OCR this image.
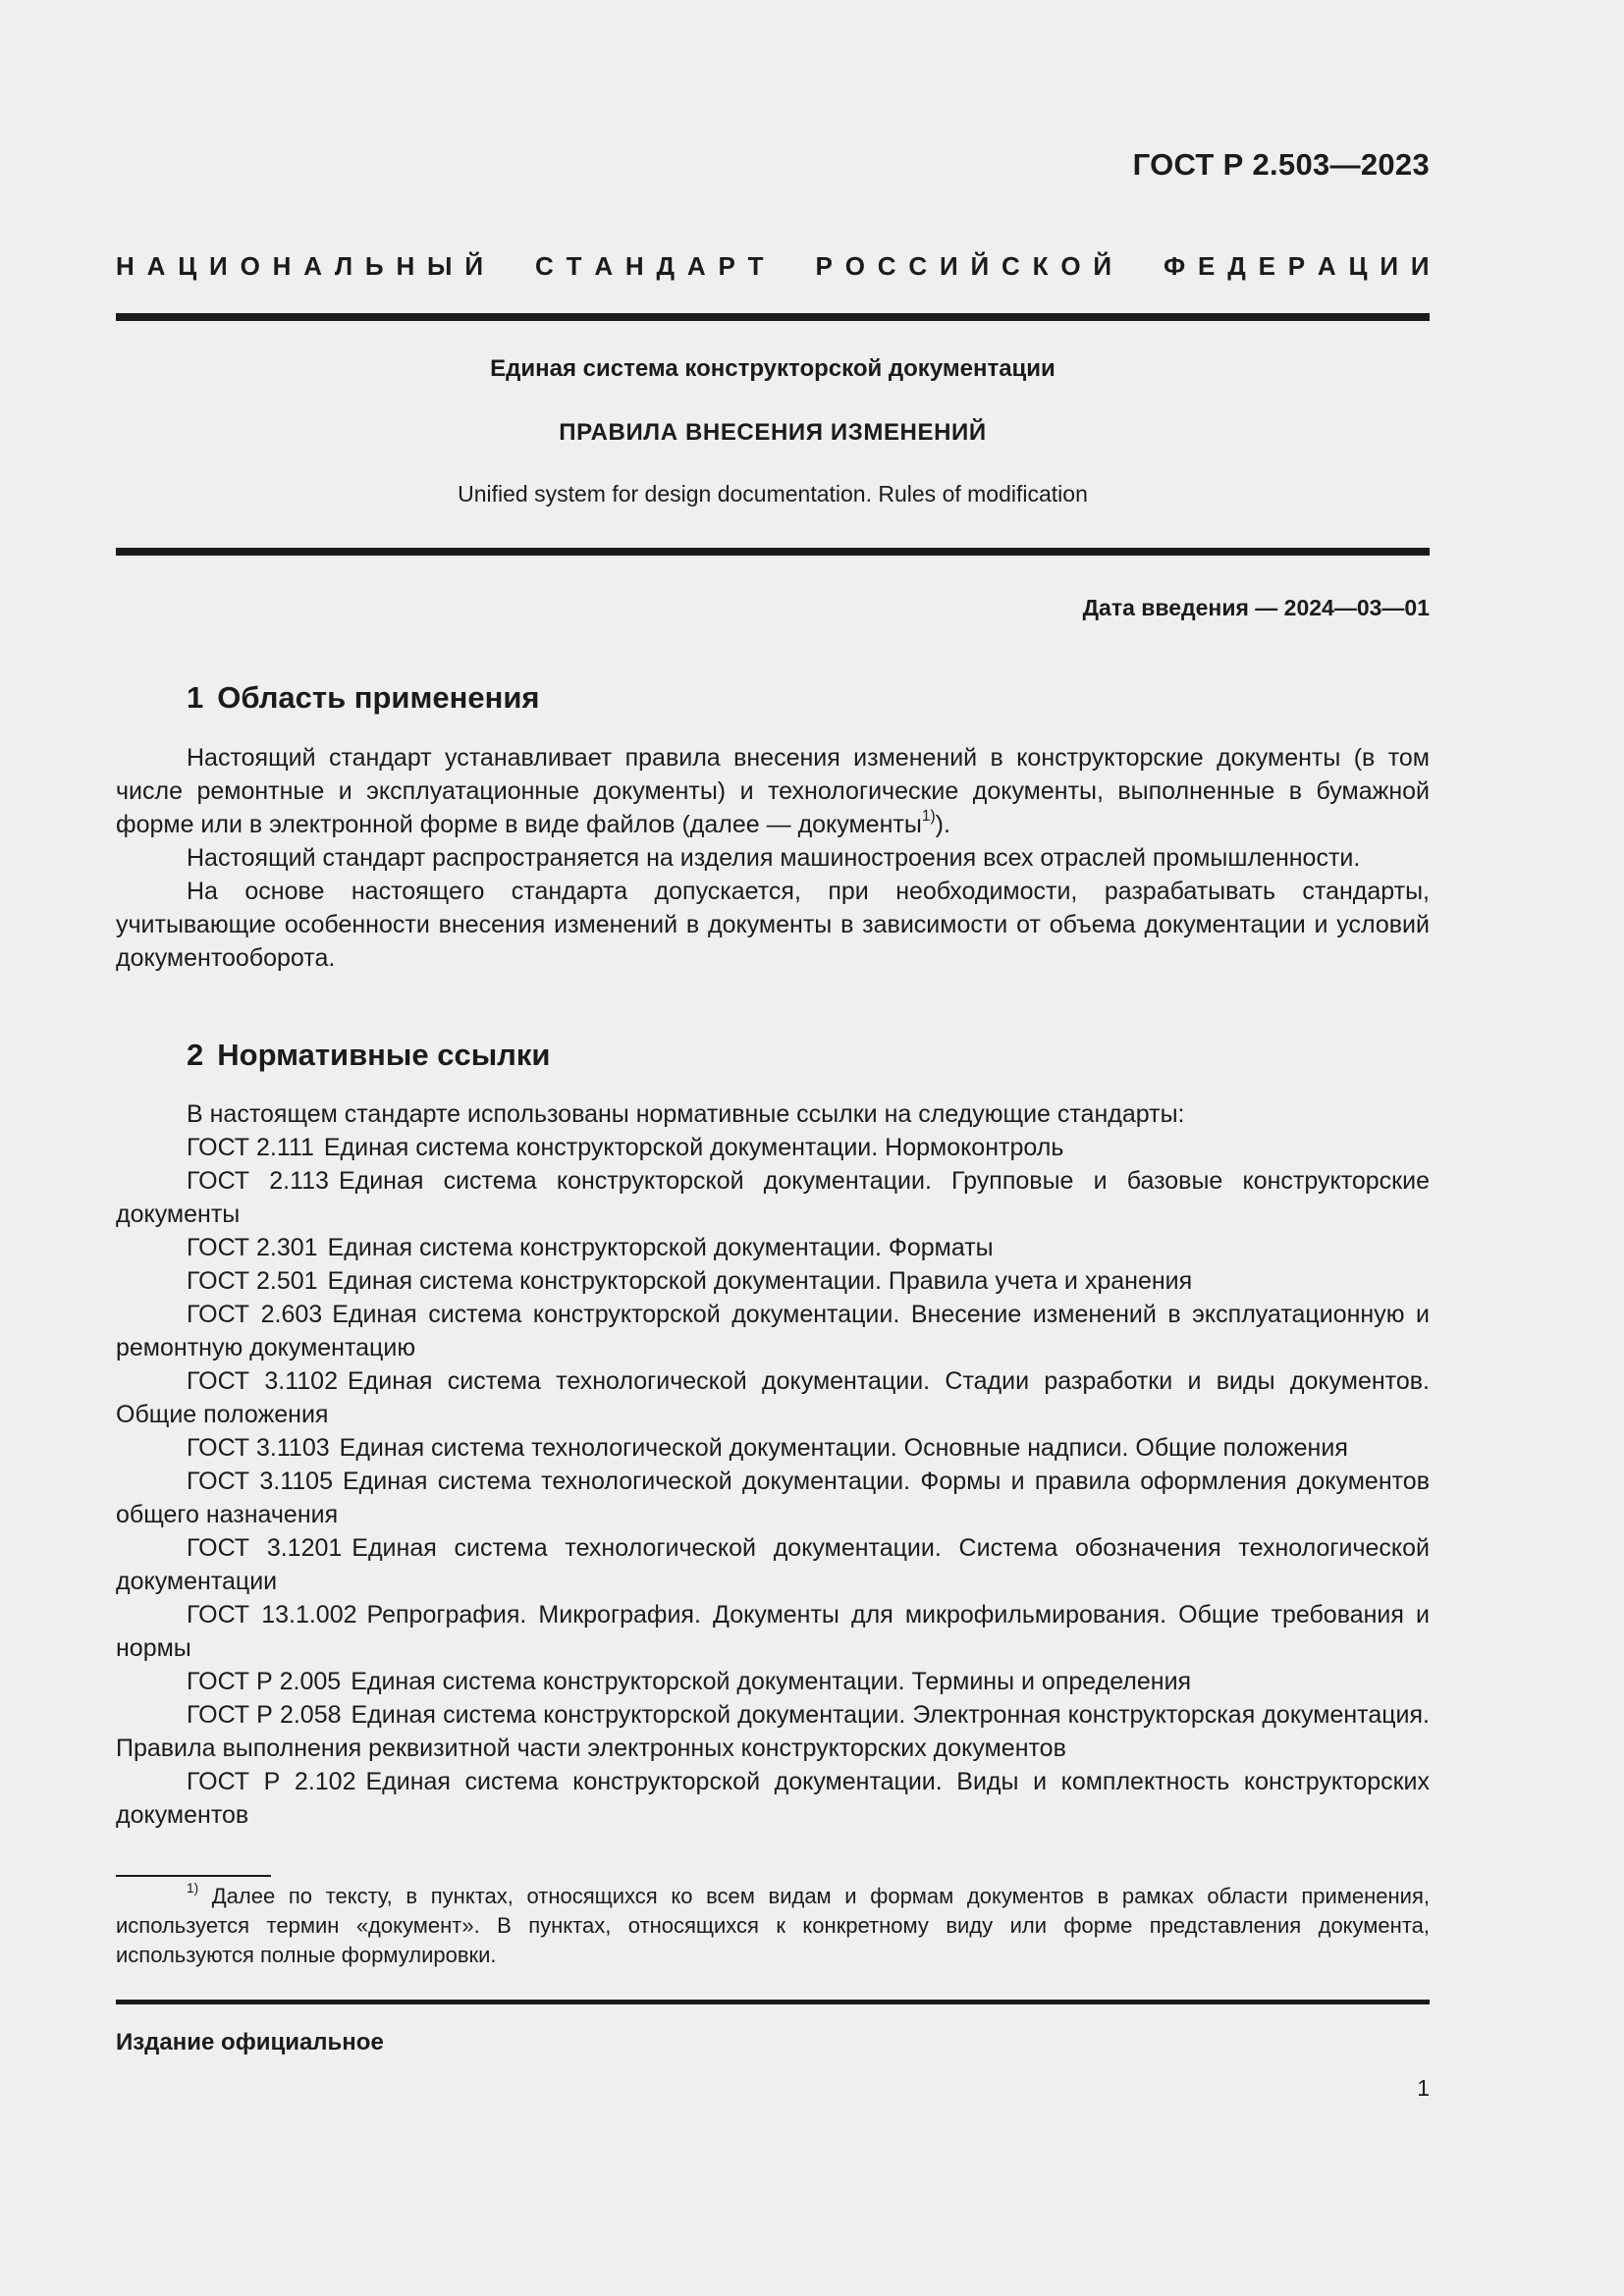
ГОСТ Р 2.503—2023
Н А Ц И О Н А Л Ь Н Ы Й

С Т А Н Д А Р Т

Р О С С И Й С К О Й

Ф Е Д Е Р А Ц И И
Единая система конструкторской документации
ПРАВИЛА ВНЕСЕНИЯ ИЗМЕНЕНИЙ
Unified system for design documentation. Rules of modification
Дата введения — 2024—03—01
1 Область применения

Настоящий стандарт устанавливает правила внесения изменений в конструкторские документы (в том числе ремонтные и эксплуатационные документы) и технологические документы, выполненные в бумажной форме или в электронной форме в виде файлов (далее — документы$^{1)}$).

Настоящий стандарт распространяется на изделия машиностроения всех отраслей промышленности.

На основе настоящего стандарта допускается, при необходимости, разрабатывать стандарты, учитывающие особенности внесения изменений в документы в зависимости от объема документации и условий документооборота.

2 Нормативные ссылки

В настоящем стандарте использованы нормативные ссылки на следующие стандарты:

ГОСТ 2.111 Единая система конструкторской документации. Нормоконтроль

ГОСТ 2.113 Единая система конструкторской документации. Групповые и базовые конструкторские документы

ГОСТ 2.301 Единая система конструкторской документации. Форматы

ГОСТ 2.501 Единая система конструкторской документации. Правила учета и хранения

ГОСТ 2.603 Единая система конструкторской документации. Внесение изменений в эксплуатационную и ремонтную документацию

ГОСТ 3.1102 Единая система технологической документации. Стадии разработки и виды документов. Общие положения

ГОСТ 3.1103 Единая система технологической документации. Основные надписи. Общие положения

ГОСТ 3.1105 Единая система технологической документации. Формы и правила оформления документов общего назначения

ГОСТ 3.1201 Единая система технологической документации. Система обозначения технологической документации

ГОСТ 13.1.002 Репрография. Микрография. Документы для микрофильмирования. Общие требования и нормы

ГОСТ Р 2.005 Единая система конструкторской документации. Термины и определения

ГОСТ Р 2.058 Единая система конструкторской документации. Электронная конструкторская документация. Правила выполнения реквизитной части электронных конструкторских документов

ГОСТ Р 2.102 Единая система конструкторской документации. Виды и комплектность конструкторских документов

$^{1)}$ Далее по тексту, в пунктах, относящихся ко всем видам и формам документов в рамках области применения, используется термин «документ». В пунктах, относящихся к конкретному виду или форме представления документа, используются полные формулировки.

Издание официальное
1
